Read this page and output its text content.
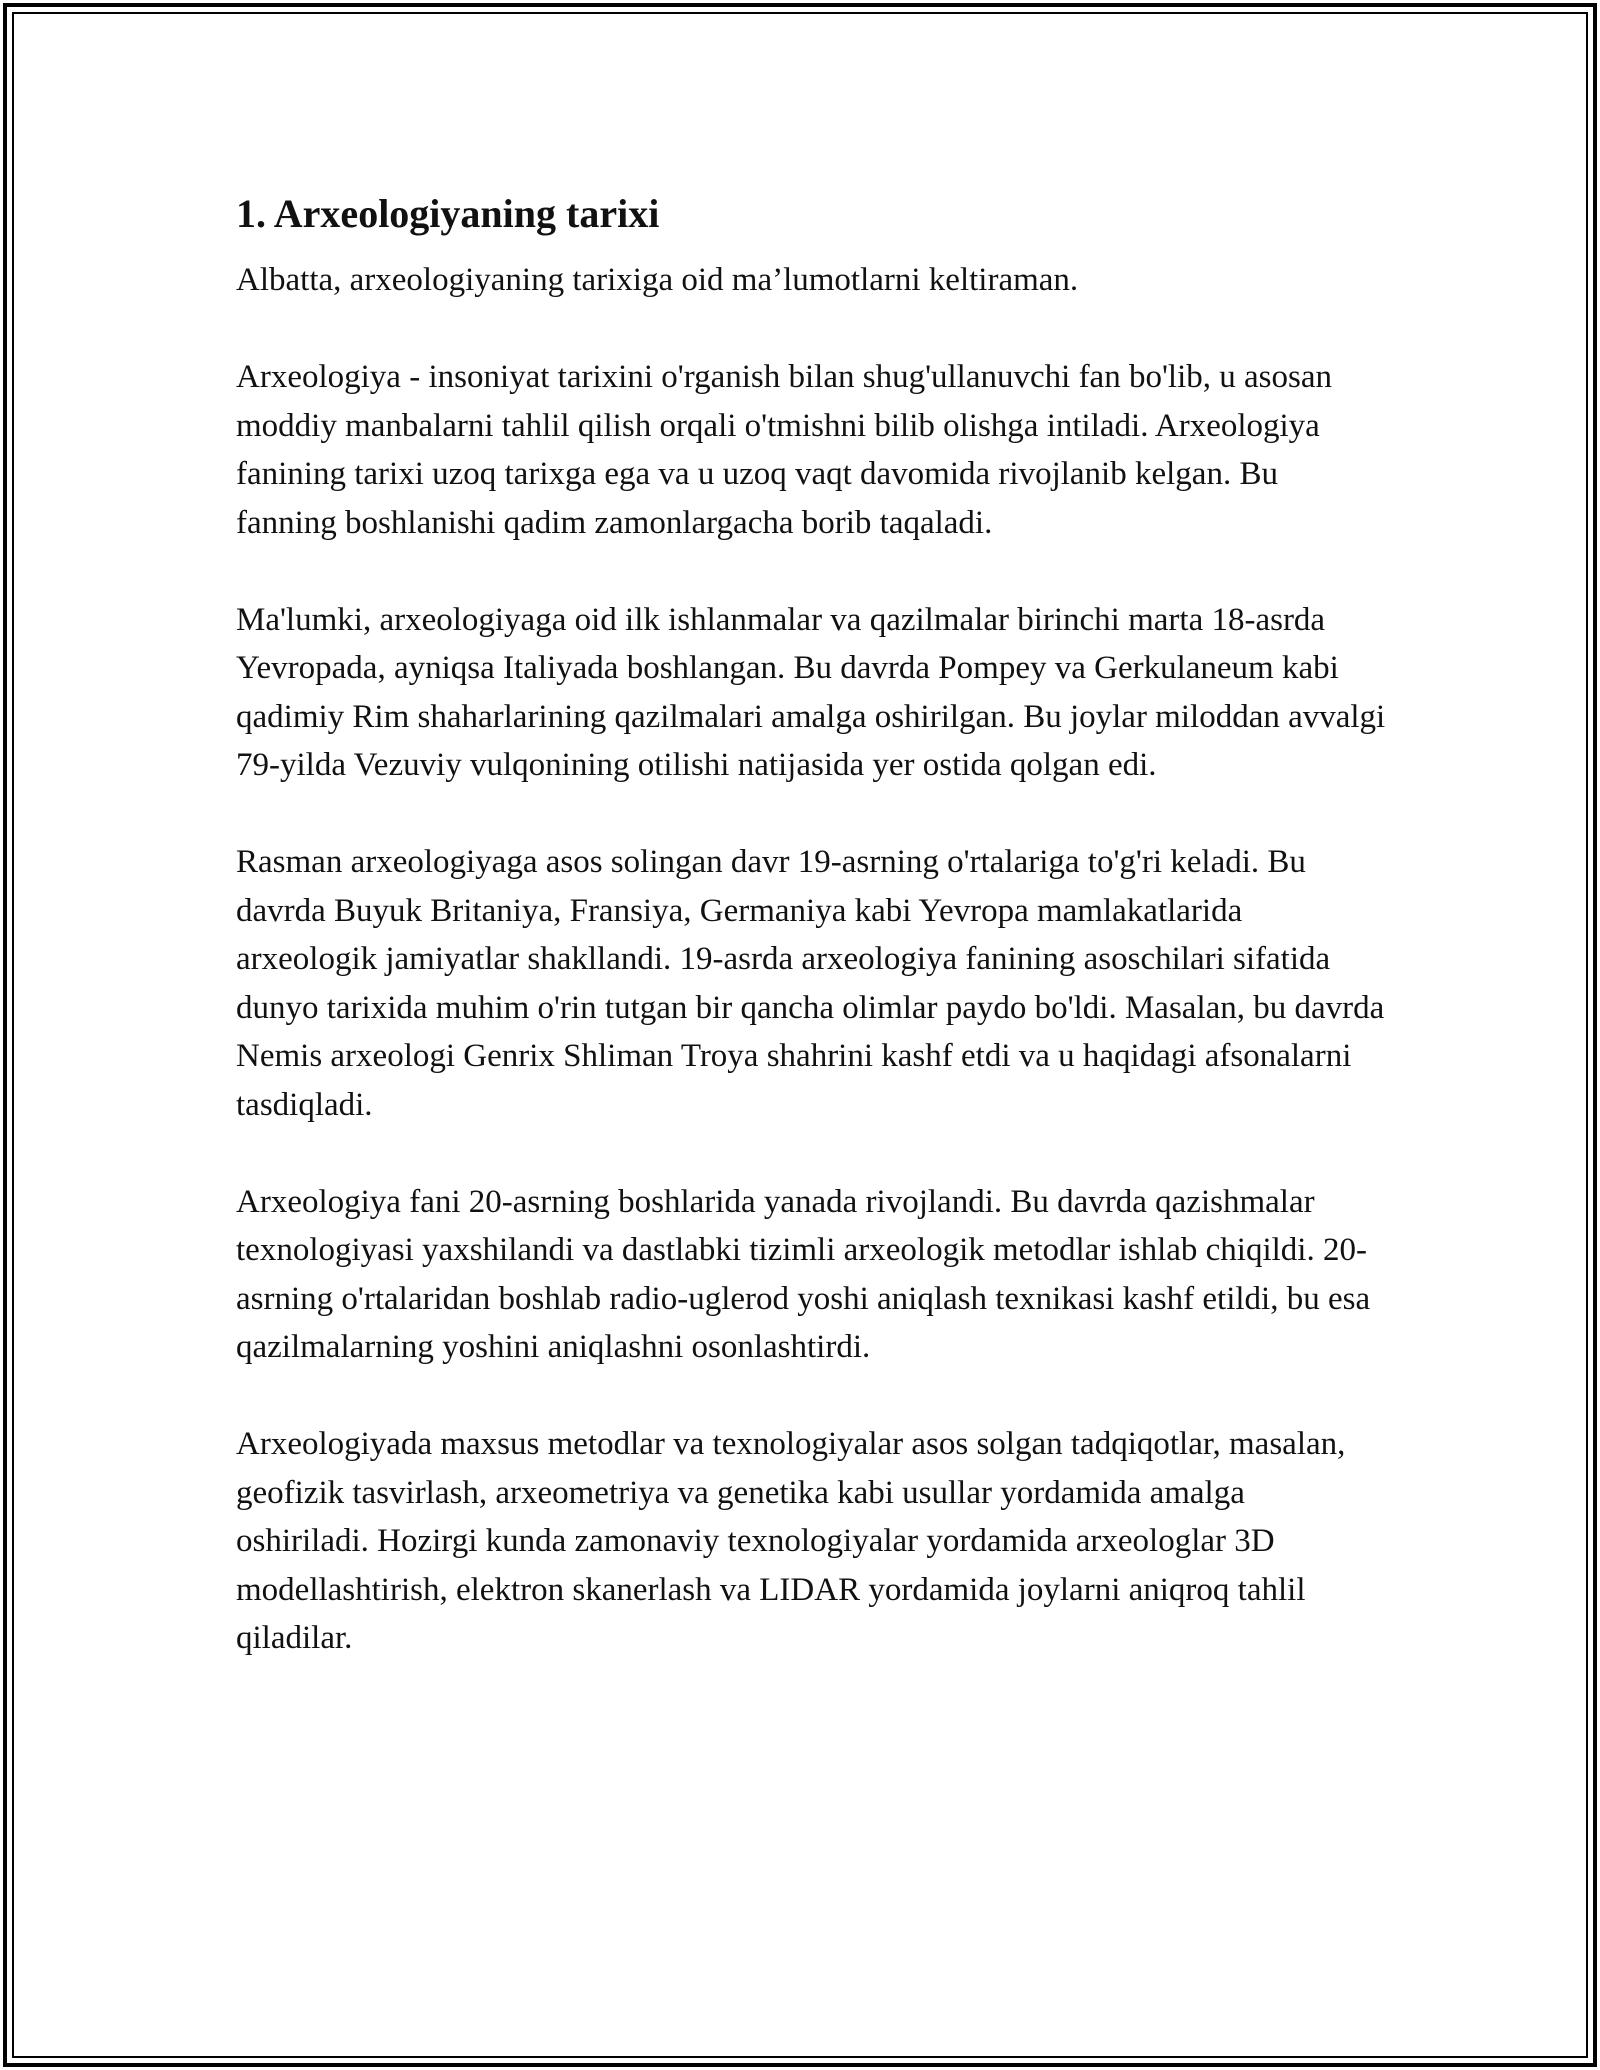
1. Arxeologiyaning tarixi

Albatta, arxeologiyaning tarixiga oid ma’lumotlarni keltiraman.

Arxeologiya - insoniyat tarixini o'rganish bilan shug'ullanuvchi fan bo'lib, u asosan moddiy manbalarni tahlil qilish orqali o'tmishni bilib olishga intiladi. Arxeologiya fanining tarixi uzoq tarixga ega va u uzoq vaqt davomida rivojlanib kelgan. Bu fanning boshlanishi qadim zamonlargacha borib taqaladi.

Ma'lumki, arxeologiyaga oid ilk ishlanmalar va qazilmalar birinchi marta 18-asrda Yevropada, ayniqsa Italiyada boshlangan. Bu davrda Pompey va Gerkulaneum kabi qadimiy Rim shaharlarining qazilmalari amalga oshirilgan. Bu joylar miloddan avvalgi 79-yilda Vezuviy vulqonining otilishi natijasida yer ostida qolgan edi.

Rasman arxeologiyaga asos solingan davr 19-asrning o'rtalariga to'g'ri keladi. Bu davrda Buyuk Britaniya, Fransiya, Germaniya kabi Yevropa mamlakatlarida arxeologik jamiyatlar shakllandi. 19-asrda arxeologiya fanining asoschilari sifatida dunyo tarixida muhim o'rin tutgan bir qancha olimlar paydo bo'ldi. Masalan, bu davrda Nemis arxeologi Genrix Shliman Troya shahrini kashf etdi va u haqidagi afsonalarni tasdiqladi.

Arxeologiya fani 20-asrning boshlarida yanada rivojlandi. Bu davrda qazishmalar texnologiyasi yaxshilandi va dastlabki tizimli arxeologik metodlar ishlab chiqildi. 20-asrning o'rtalaridan boshlab radio-uglerod yoshi aniqlash texnikasi kashf etildi, bu esa qazilmalarning yoshini aniqlashni osonlashtirdi.

Arxeologiyada maxsus metodlar va texnologiyalar asos solgan tadqiqotlar, masalan, geofizik tasvirlash, arxeometriya va genetika kabi usullar yordamida amalga oshiriladi. Hozirgi kunda zamonaviy texnologiyalar yordamida arxeologlar 3D modellashtirish, elektron skanerlash va LIDAR yordamida joylarni aniqroq tahlil qiladilar.
